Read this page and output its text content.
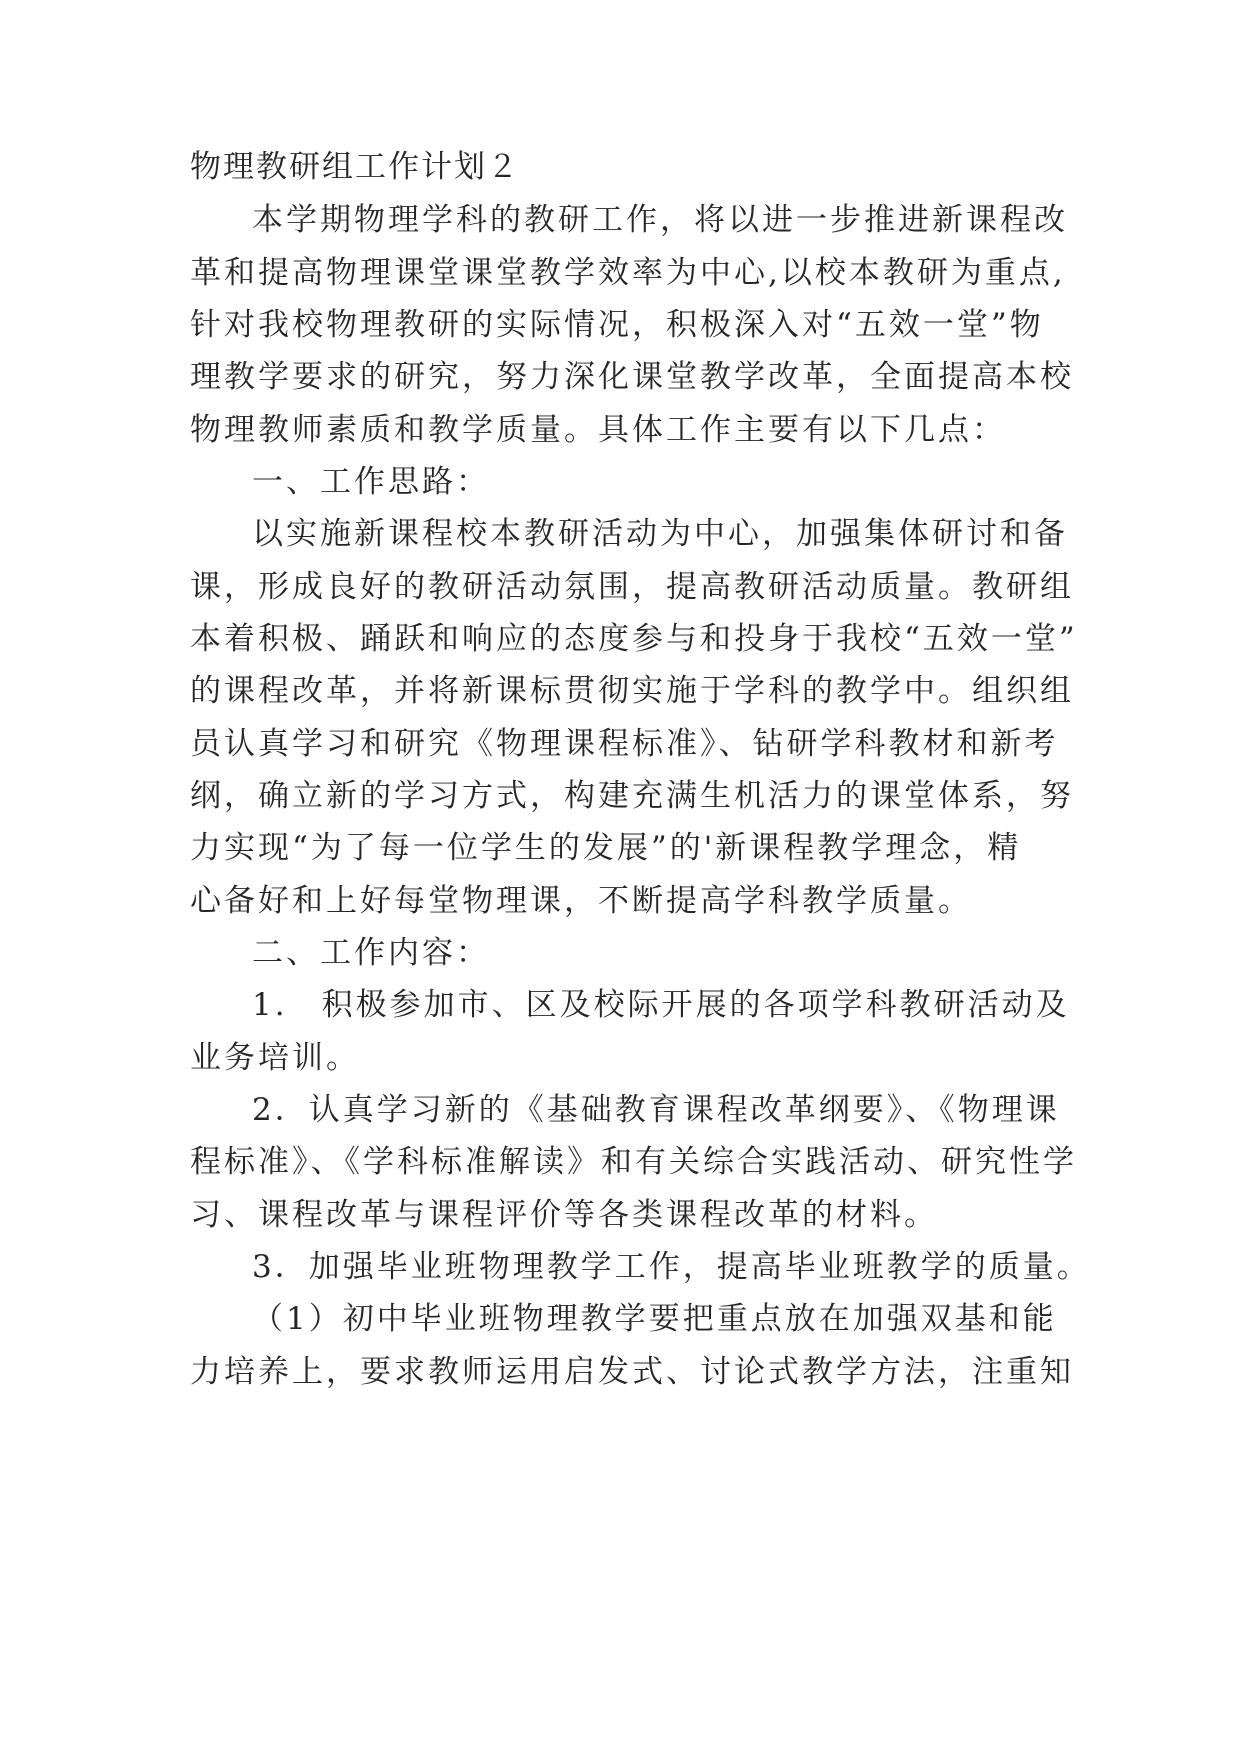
物理教研组工作计划２
本学期物理学科的教研工作，将以进一步推进新课程改
革和提高物理课堂课堂教学效率为中心,以校本教研为重点,
针对我校物理教研的实际情况，积极深入对“五效一堂”物
理教学要求的研究，努力深化课堂教学改革，全面提高本校
物理教师素质和教学质量。具体工作主要有以下几点：
一、工作思路：
以实施新课程校本教研活动为中心，加强集体研讨和备
课，形成良好的教研活动氛围，提高教研活动质量。教研组
本着积极、踊跃和响应的态度参与和投身于我校“五效一堂”
的课程改革，并将新课标贯彻实施于学科的教学中。组织组
员认真学习和研究《物理课程标准》、钻研学科教材和新考
纲，确立新的学习方式，构建充满生机活力的课堂体系，努
力实现“为了每一位学生的发展”的'新课程教学理念，精
心备好和上好每堂物理课，不断提高学科教学质量。
二、工作内容：
1.　积极参加市、区及校际开展的各项学科教研活动及
业务培训。
2．认真学习新的《基础教育课程改革纲要》、《物理课
程标准》、《学科标准解读》和有关综合实践活动、研究性学
习、课程改革与课程评价等各类课程改革的材料。
3．加强毕业班物理教学工作，提高毕业班教学的质量。
（1）初中毕业班物理教学要把重点放在加强双基和能
力培养上，要求教师运用启发式、讨论式教学方法，注重知
